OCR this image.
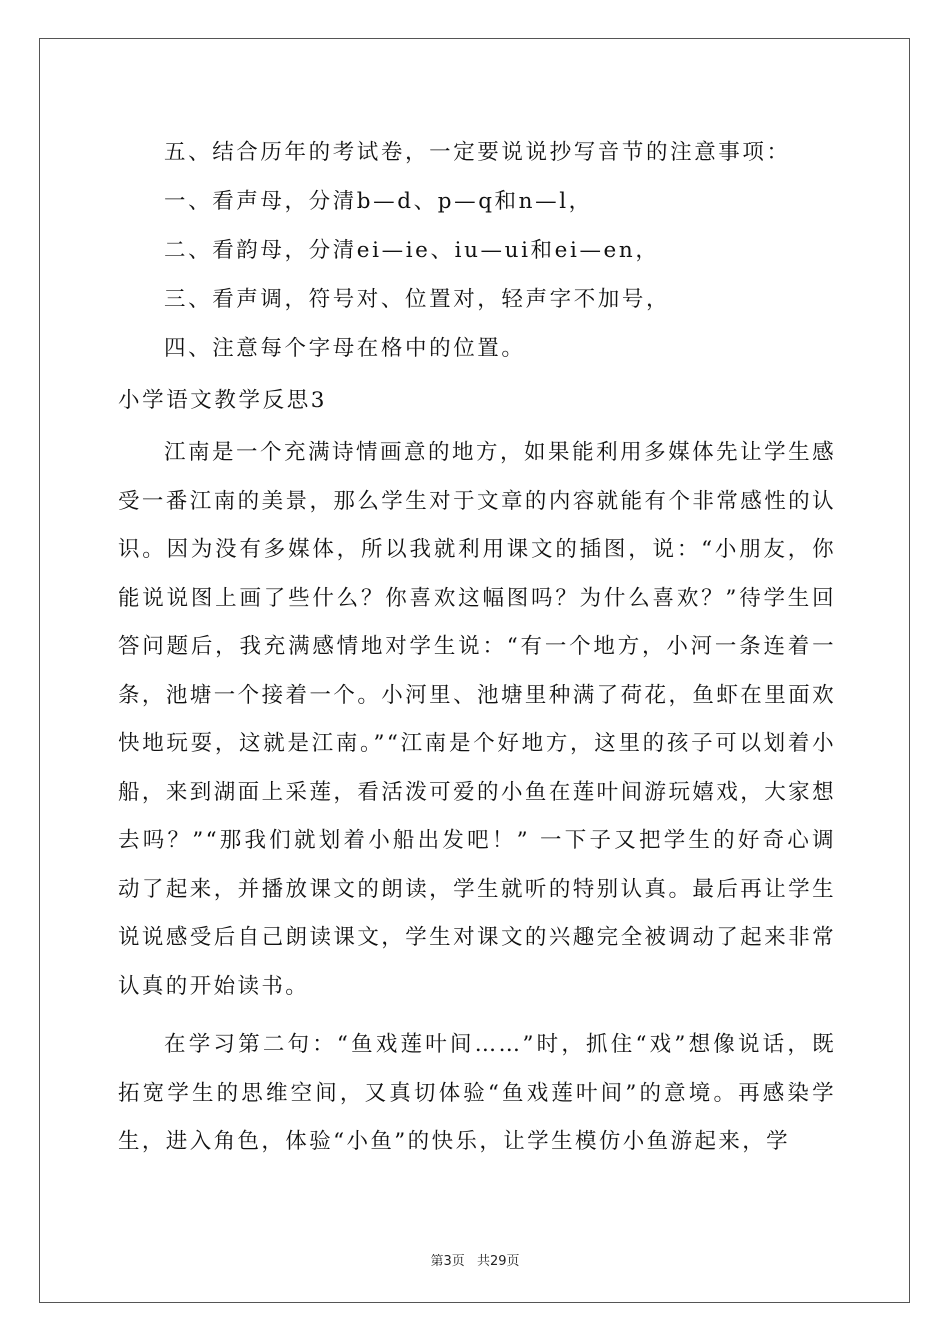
五、结合历年的考试卷，一定要说说抄写音节的注意事项：

一、看声母，分清b—d、p—q和n—l，

二、看韵母，分清ei—ie、iu—ui和ei—en，

三、看声调，符号对、位置对，轻声字不加号，

四、注意每个字母在格中的位置。

小学语文教学反思3

江南是一个充满诗情画意的地方，如果能利用多媒体先让学生感受一番江南的美景，那么学生对于文章的内容就能有个非常感性的认识。因为没有多媒体，所以我就利用课文的插图，说：“小朋友，你能说说图上画了些什么？你喜欢这幅图吗？为什么喜欢？”待学生回答问题后，我充满感情地对学生说：“有一个地方，小河一条连着一条，池塘一个接着一个。小河里、池塘里种满了荷花，鱼虾在里面欢快地玩耍，这就是江南。”“江南是个好地方，这里的孩子可以划着小船，来到湖面上采莲，看活泼可爱的小鱼在莲叶间游玩嬉戏，大家想去吗？”“那我们就划着小船出发吧！” 一下子又把学生的好奇心调动了起来，并播放课文的朗读，学生就听的特别认真。最后再让学生说说感受后自己朗读课文，学生对课文的兴趣完全被调动了起来非常认真的开始读书。

在学习第二句：“鱼戏莲叶间……”时，抓住“戏”想像说话，既拓宽学生的思维空间，又真切体验“鱼戏莲叶间”的意境。再感染学生，进入角色，体验“小鱼”的快乐，让学生模仿小鱼游起来，学

第3页 共29页
